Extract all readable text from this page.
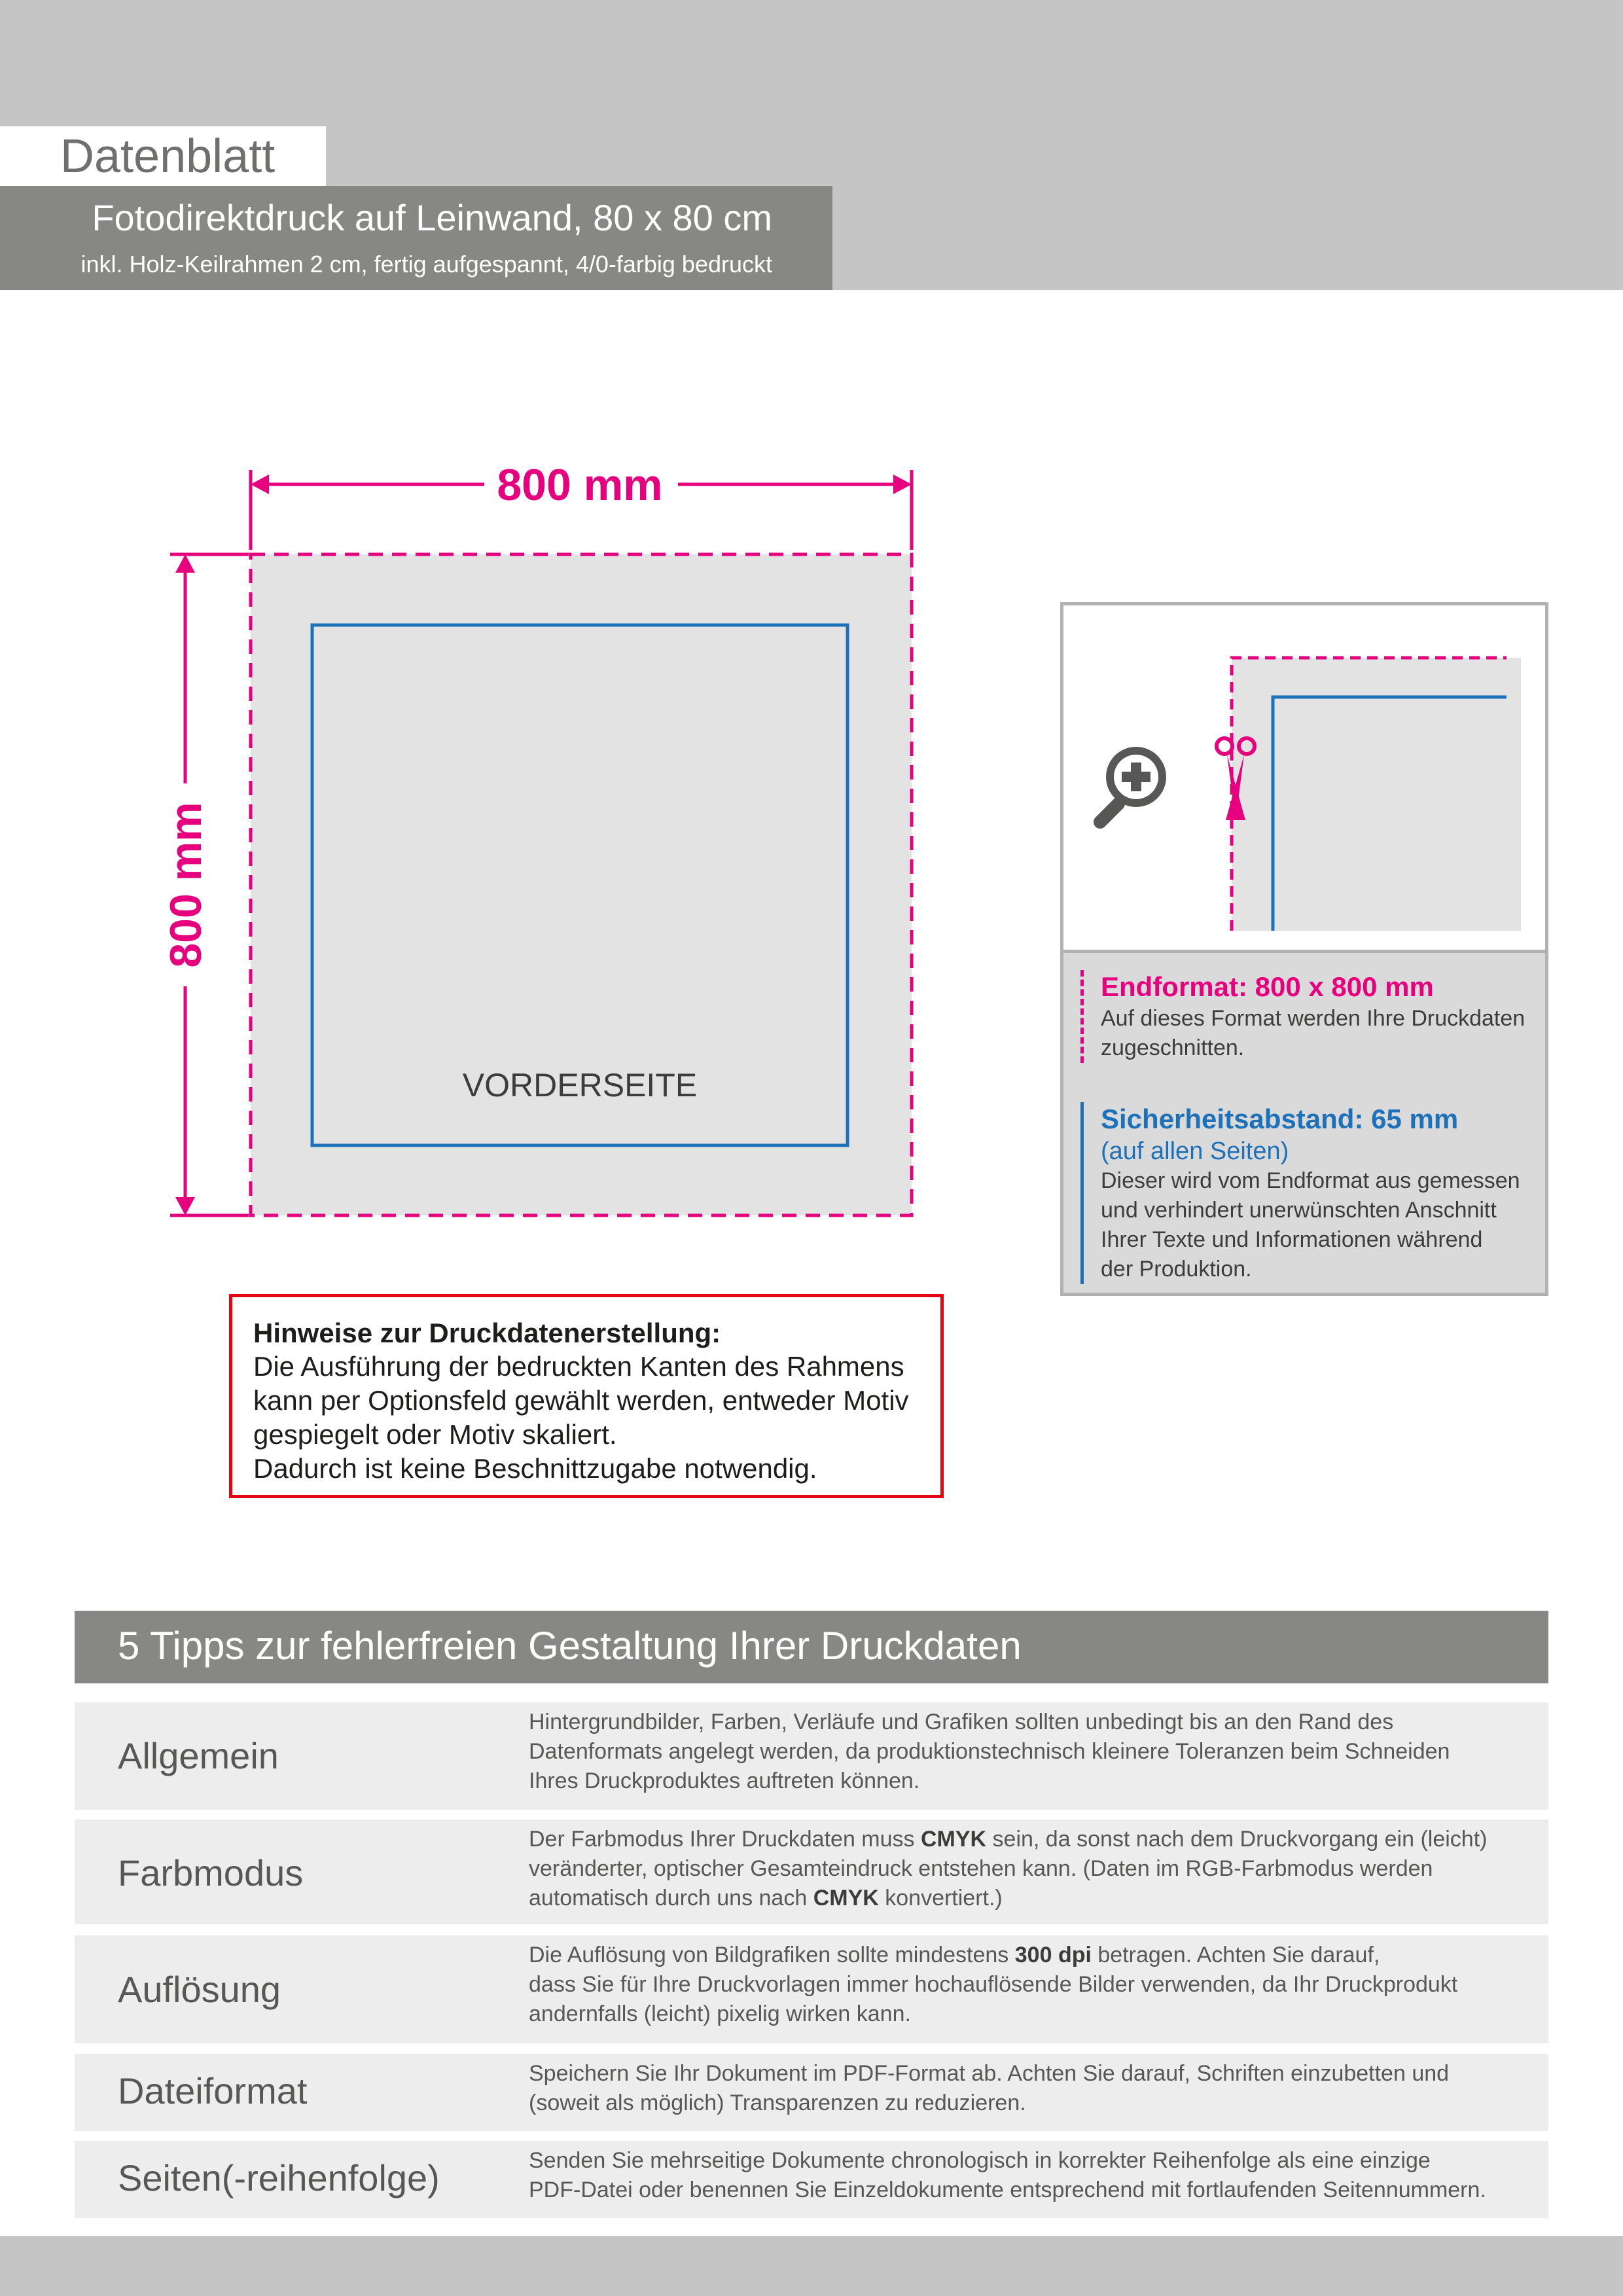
Datenblatt
Fotodirektdruck auf Leinwand, 80 x 80 cm
inkl. Holz-Keilrahmen 2 cm, fertig aufgespannt, 4/0-farbig bedruckt
VORDERSEITE
800 mm
800 mm
Endformat: 800 x 800 mm
Auf dieses Format werden Ihre Druckdaten
zugeschnitten.
Sicherheitsabstand: 65 mm
(auf allen Seiten)
Dieser wird vom Endformat aus gemessen
und verhindert unerwünschten Anschnitt
Ihrer Texte und Informationen während
der Produktion.
Hinweise zur Druckdatenerstellung:
Die Ausführung der bedruckten Kanten des Rahmens
kann per Optionsfeld gewählt werden, entweder Motiv
gespiegelt oder Motiv skaliert.
Dadurch ist keine Beschnittzugabe notwendig.
5 Tipps zur fehlerfreien Gestaltung Ihrer Druckdaten
Allgemein
Hintergrundbilder, Farben, Verläufe und Grafiken sollten unbedingt bis an den Rand des
Datenformats angelegt werden, da produktionstechnisch kleinere Toleranzen beim Schneiden
Ihres Druckproduktes auftreten können.
Farbmodus
Der Farbmodus Ihrer Druckdaten muss CMYK sein, da sonst nach dem Druckvorgang ein (leicht)
veränderter, optischer Gesamteindruck entstehen kann. (Daten im RGB-Farbmodus werden
automatisch durch uns nach CMYK konvertiert.)
Auflösung
Die Auflösung von Bildgrafiken sollte mindestens 300 dpi betragen. Achten Sie darauf,
dass Sie für Ihre Druckvorlagen immer hochauflösende Bilder verwenden, da Ihr Druckprodukt
andernfalls (leicht) pixelig wirken kann.
Dateiformat	Speichern Sie Ihr Dokument im PDF-Format ab. Achten Sie darauf, Schriften einzubetten und
(soweit als möglich) Transparenzen zu reduzieren.
Seiten(-reihenfolge)	Senden Sie mehrseitige Dokumente chronologisch in korrekter Reihenfolge als eine einzige
PDF-Datei oder benennen Sie Einzeldokumente entsprechend mit fortlaufenden Seitennummern.
